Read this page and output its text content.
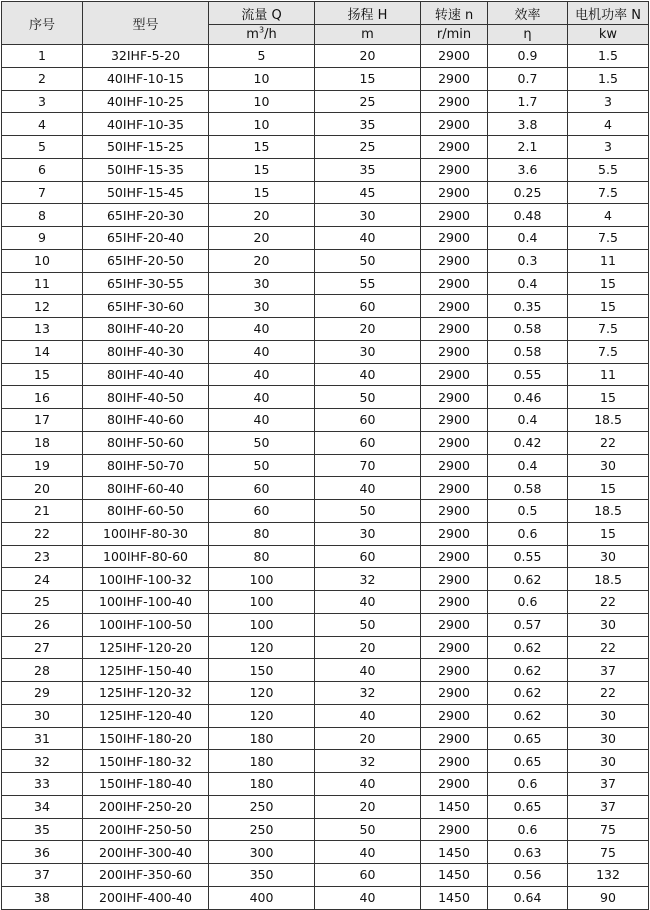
序号	型号	流量 Q	扬程 H	转速 n	效率	电机功率 N
		$m^3/h$	m	r/min	η	kw
1	32IHF-5-20	5	20	2900	0.9	1.5
2	40IHF-10-15	10	15	2900	0.7	1.5
3	40IHF-10-25	10	25	2900	1.7	3
4	40IHF-10-35	10	35	2900	3.8	4
5	50IHF-15-25	15	25	2900	2.1	3
6	50IHF-15-35	15	35	2900	3.6	5.5
7	50IHF-15-45	15	45	2900	0.25	7.5
8	65IHF-20-30	20	30	2900	0.48	4
9	65IHF-20-40	20	40	2900	0.4	7.5
10	65IHF-20-50	20	50	2900	0.3	11
11	65IHF-30-55	30	55	2900	0.4	15
12	65IHF-30-60	30	60	2900	0.35	15
13	80IHF-40-20	40	20	2900	0.58	7.5
14	80IHF-40-30	40	30	2900	0.58	7.5
15	80IHF-40-40	40	40	2900	0.55	11
16	80IHF-40-50	40	50	2900	0.46	15
17	80IHF-40-60	40	60	2900	0.4	18.5
18	80IHF-50-60	50	60	2900	0.42	22
19	80IHF-50-70	50	70	2900	0.4	30
20	80IHF-60-40	60	40	2900	0.58	15
21	80IHF-60-50	60	50	2900	0.5	18.5
22	100IHF-80-30	80	30	2900	0.6	15
23	100IHF-80-60	80	60	2900	0.55	30
24	100IHF-100-32	100	32	2900	0.62	18.5
25	100IHF-100-40	100	40	2900	0.6	22
26	100IHF-100-50	100	50	2900	0.57	30
27	125IHF-120-20	120	20	2900	0.62	22
28	125IHF-150-40	150	40	2900	0.62	37
29	125IHF-120-32	120	32	2900	0.62	22
30	125IHF-120-40	120	40	2900	0.62	30
31	150IHF-180-20	180	20	2900	0.65	30
32	150IHF-180-32	180	32	2900	0.65	30
33	150IHF-180-40	180	40	2900	0.6	37
34	200IHF-250-20	250	20	1450	0.65	37
35	200IHF-250-50	250	50	2900	0.6	75
36	200IHF-300-40	300	40	1450	0.63	75
37	200IHF-350-60	350	60	1450	0.56	132
38	200IHF-400-40	400	40	1450	0.64	90
